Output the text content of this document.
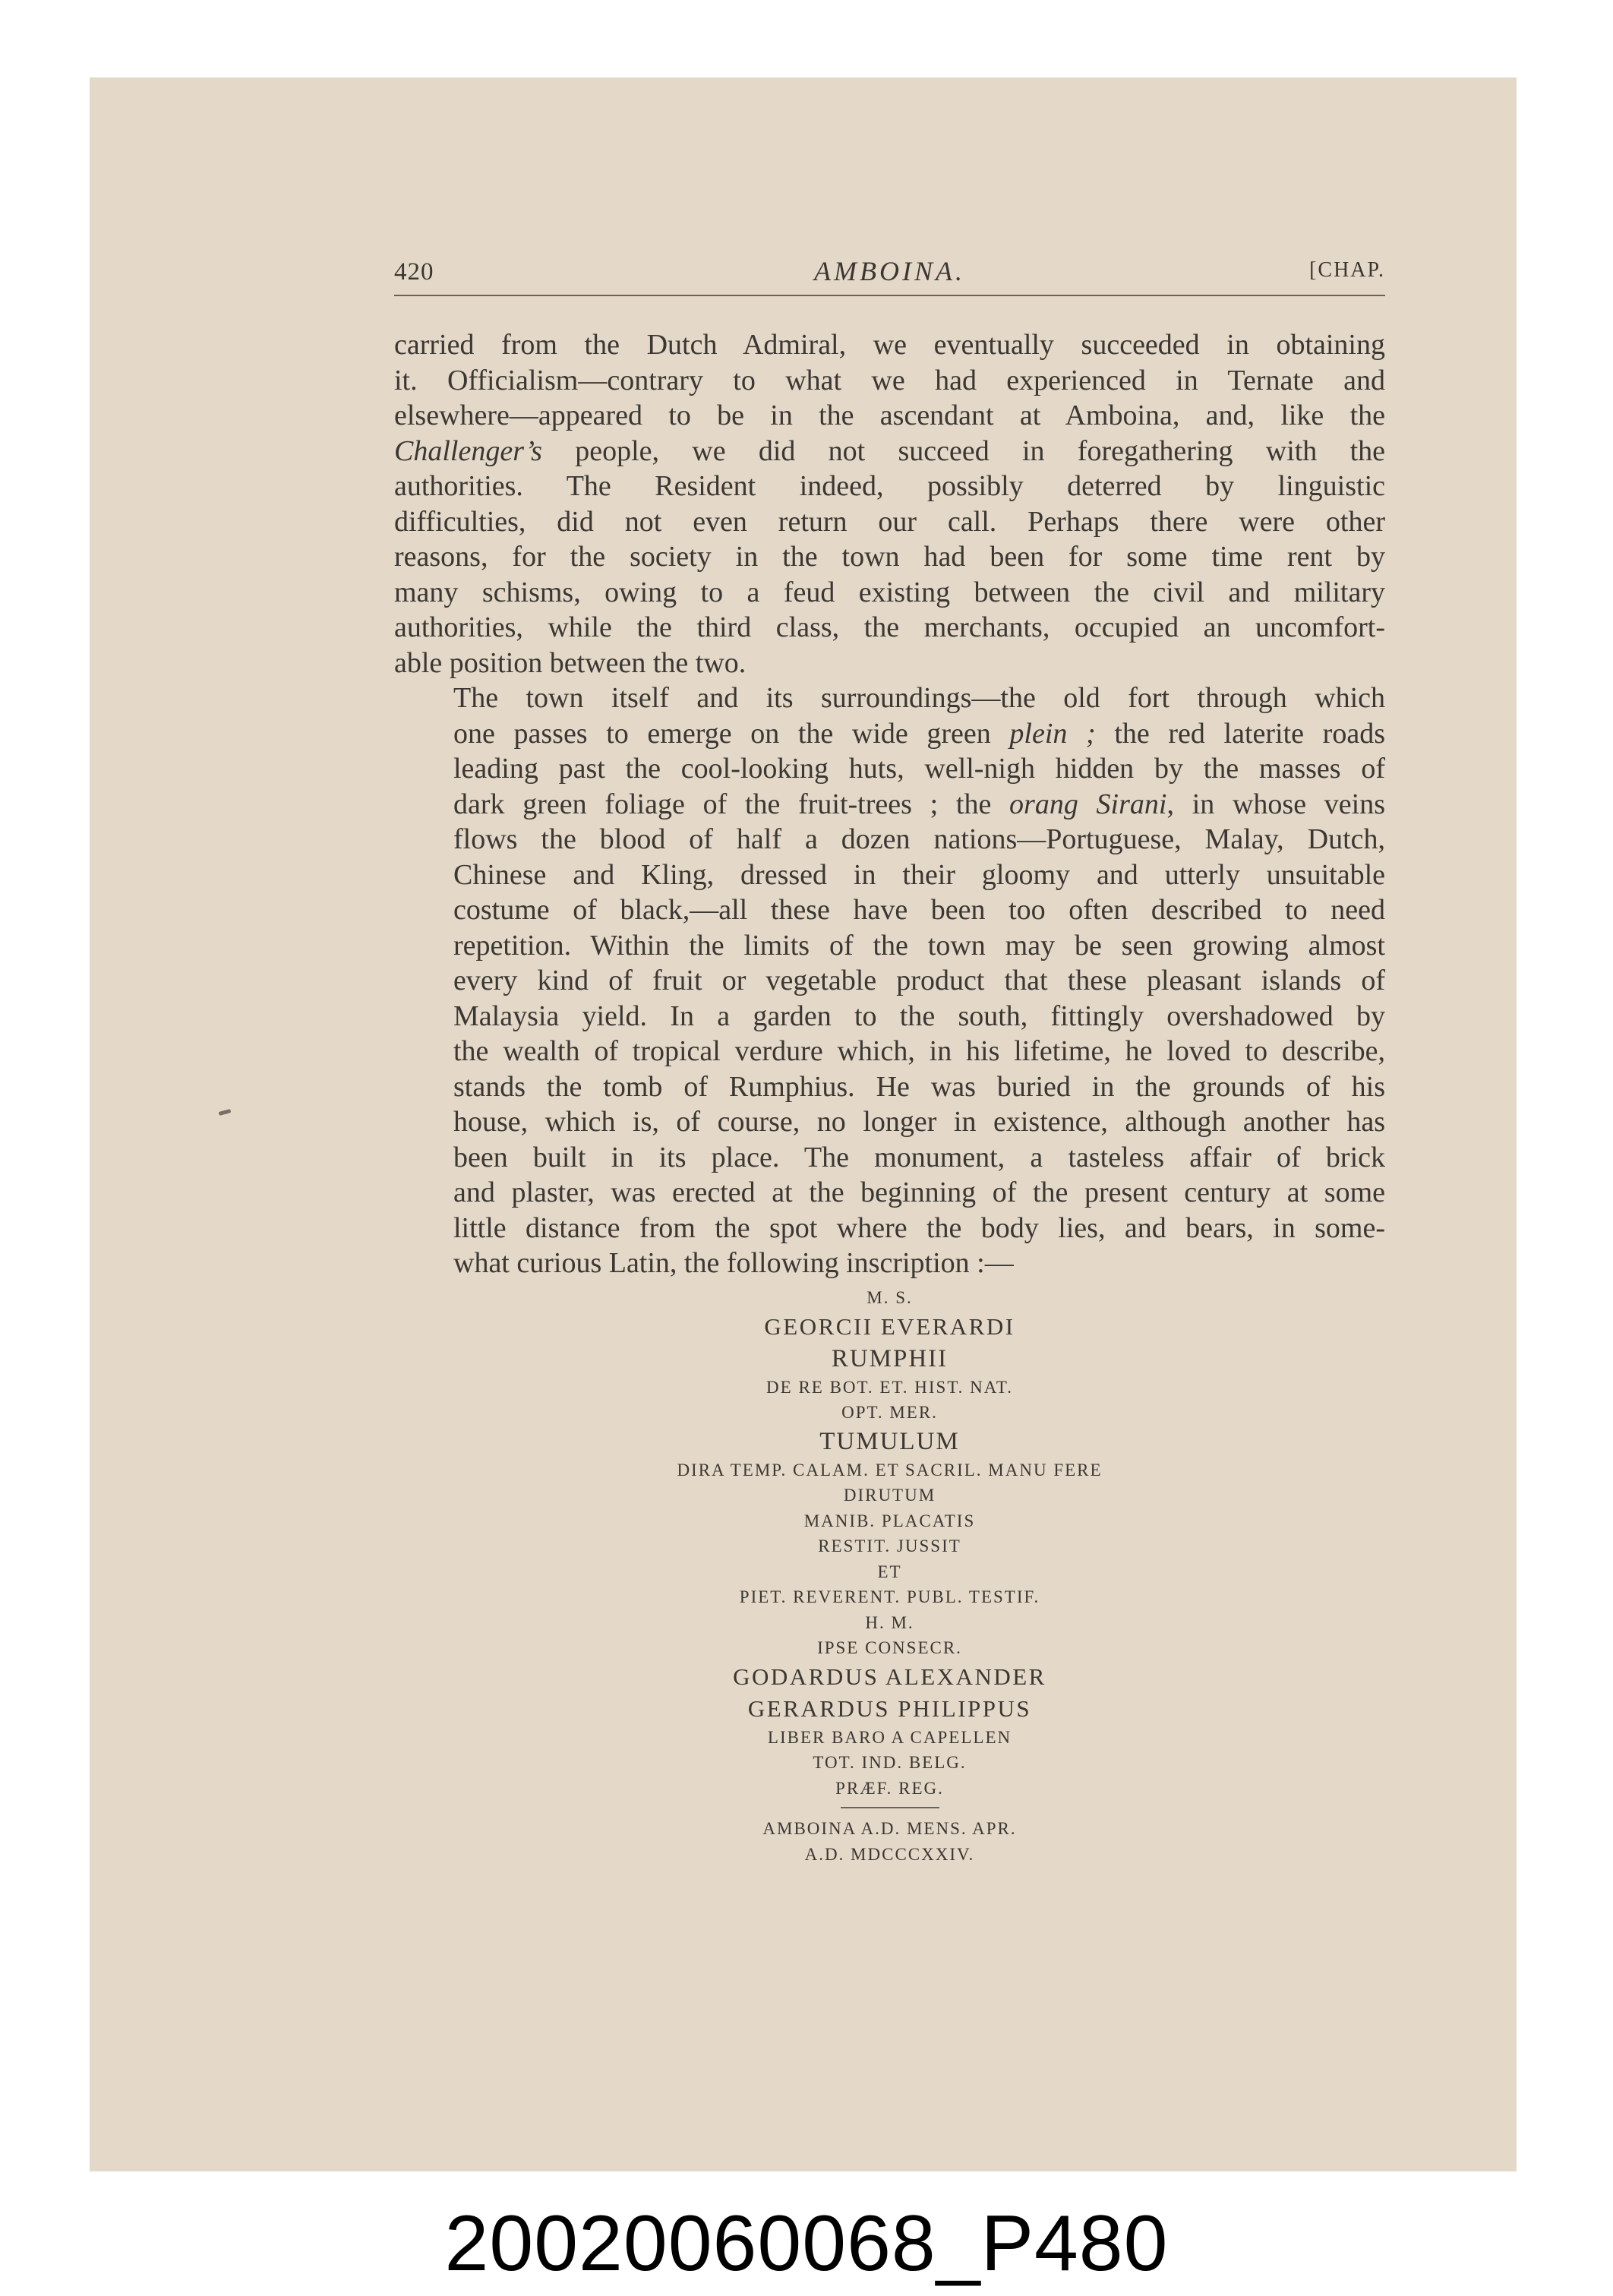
420	AMBOINA.	[CHAP.

carried from the Dutch Admiral, we eventually succeeded in obtaining
it. Officialism—contrary to what we had experienced in Ternate and
elsewhere—appeared to be in the ascendant at Amboina, and, like the
Challenger’s people, we did not succeed in foregathering with the
authorities. The Resident indeed, possibly deterred by linguistic
difficulties, did not even return our call. Perhaps there were other
reasons, for the society in the town had been for some time rent by
many schisms, owing to a feud existing between the civil and military
authorities, while the third class, the merchants, occupied an uncomfort-
able position between the two.

The town itself and its surroundings—the old fort through which
one passes to emerge on the wide green plein ; the red laterite roads
leading past the cool-looking huts, well-nigh hidden by the masses of
dark green foliage of the fruit-trees ; the orang Sirani, in whose veins
flows the blood of half a dozen nations—Portuguese, Malay, Dutch,
Chinese and Kling, dressed in their gloomy and utterly unsuitable
costume of black,—all these have been too often described to need
repetition. Within the limits of the town may be seen growing almost
every kind of fruit or vegetable product that these pleasant islands of
Malaysia yield. In a garden to the south, fittingly overshadowed by
the wealth of tropical verdure which, in his lifetime, he loved to describe,
stands the tomb of Rumphius. He was buried in the grounds of his
house, which is, of course, no longer in existence, although another has
been built in its place. The monument, a tasteless affair of brick
and plaster, was erected at the beginning of the present century at some
little distance from the spot where the body lies, and bears, in some-
what curious Latin, the following inscription :—

M. S.
GEORCII EVERARDI
RUMPHII
DE RE BOT. ET. HIST. NAT.
OPT. MER.
TUMULUM
DIRA TEMP. CALAM. ET SACRIL. MANU FERE
DIRUTUM
MANIB. PLACATIS
RESTIT. JUSSIT
ET
PIET. REVERENT. PUBL. TESTIF.
H. M.
IPSE CONSECR.
GODARDUS ALEXANDER
GERARDUS PHILIPPUS
LIBER BARO A CAPELLEN
TOT. IND. BELG.
PRÆF. REG.
AMBOINA A.D. MENS. APR.
A.D. MDCCCXXIV.
20020060068_P480
